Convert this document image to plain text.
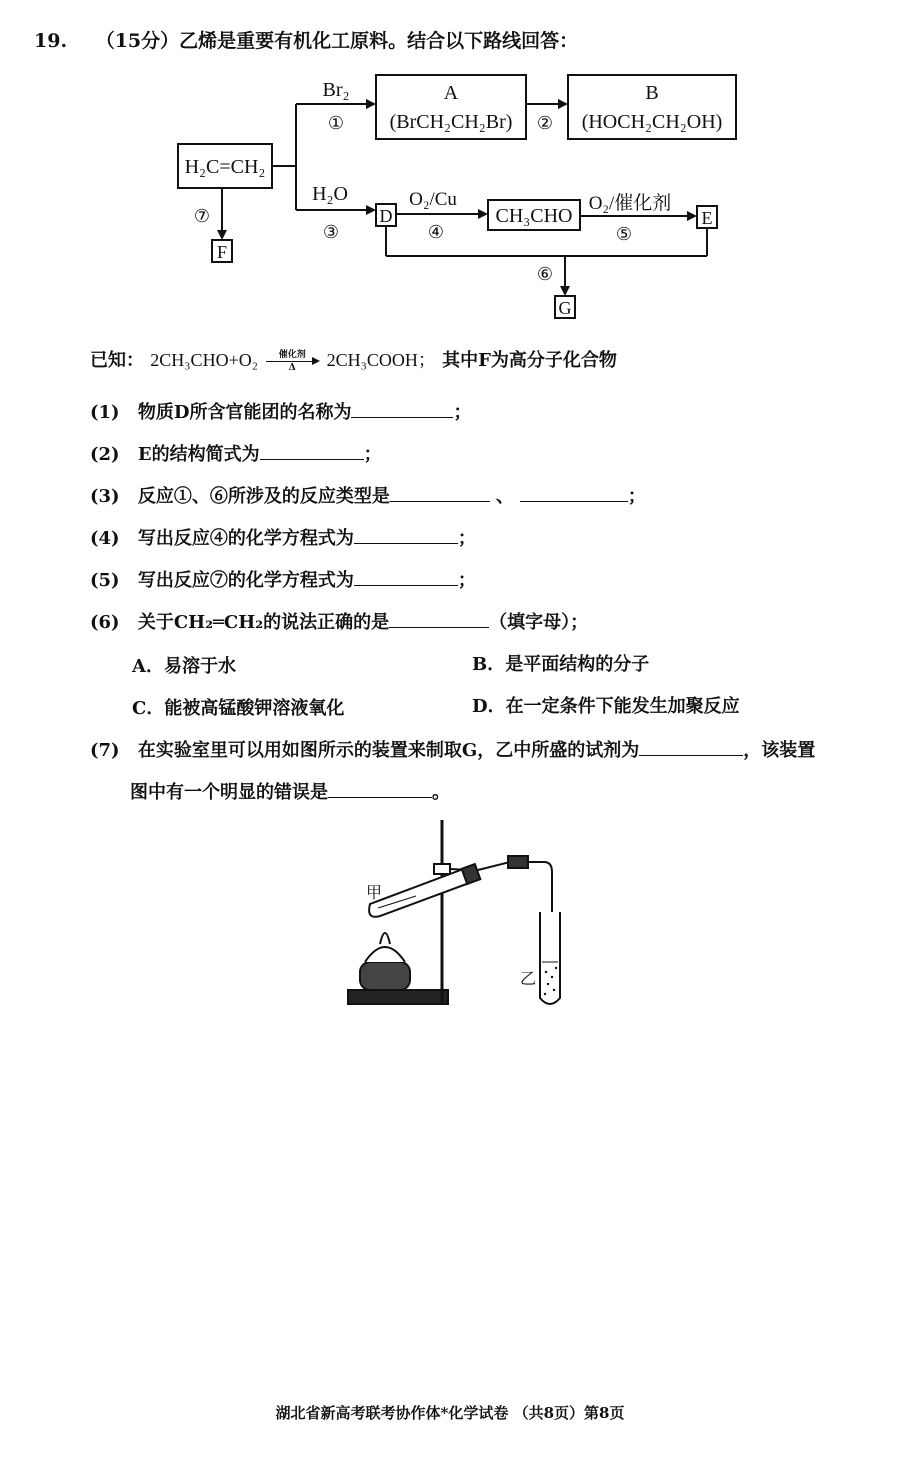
19. （15分）乙烯是重要有机化工原料。结合以下路线回答：
H₂C=CH₂
Br₂
①
A
(BrCH₂CH₂Br) ②
B
(HOCH₂CH₂OH)
H₂O
③
D
O₂/Cu
④
CH₃CHO
O₂/催化剂
⑤
E
⑥
G
⑦
F
已知： 2CH₃CHO+O₂	催化剂
Δ	2CH₃COOH； 其中F为高分子化合物
(1) 物质D所含官能团的名称为	；
(2) E的结构简式为	；
(3) 反应①、⑥所涉及的反应类型是	、	；
(4) 写出反应④的化学方程式为	；
(5) 写出反应⑦的化学方程式为	；
(6) 关于CH₂═CH₂的说法正确的是	（填字母）；
A．易溶于水	B．是平面结构的分子
C．能被高锰酸钾溶液氧化	D．在一定条件下能发生加聚反应
(7) 在实验室里可以用如图所示的装置来制取G，乙中所盛的试剂为	，该装置
图中有一个明显的错误是	。
甲
乙
湖北省新高考联考协作体*化学试卷 （共8页）第8页
